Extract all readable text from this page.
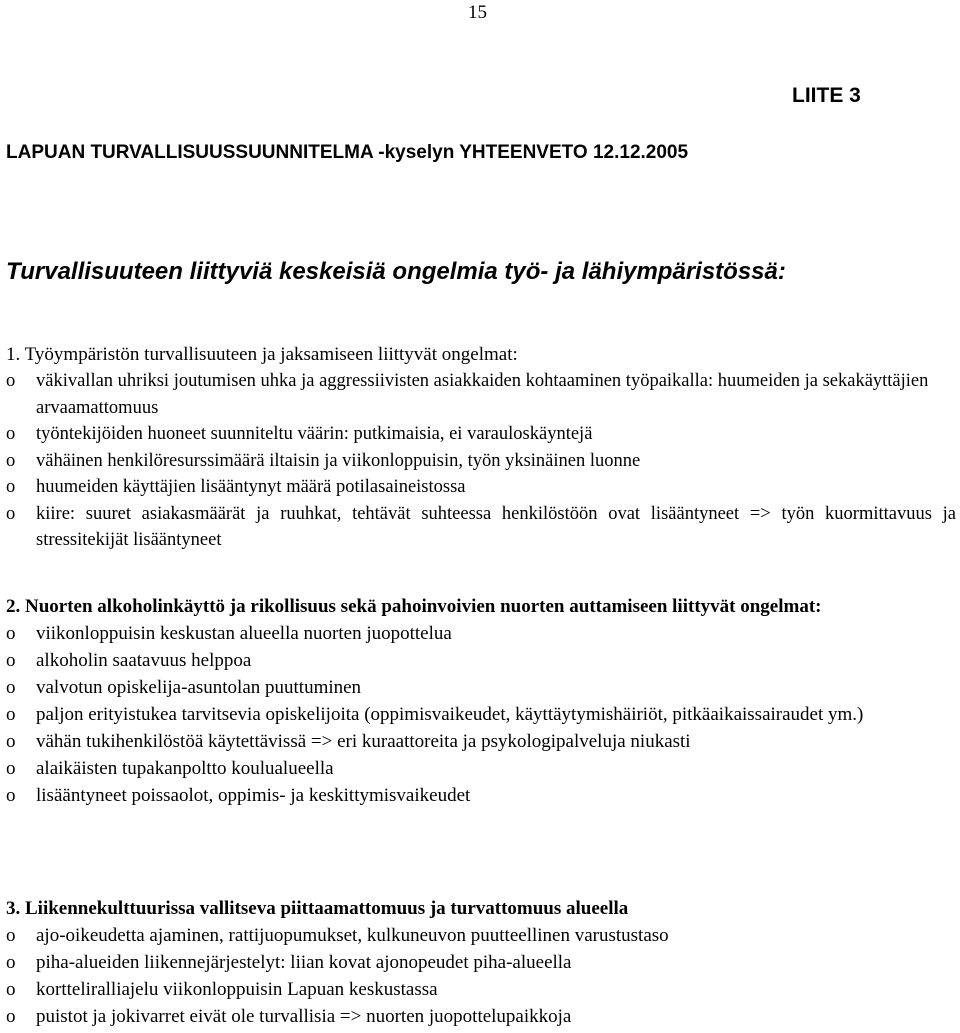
15
LIITE 3
LAPUAN TURVALLISUUSSUUNNITELMA -kyselyn YHTEENVETO 12.12.2005
Turvallisuuteen liittyviä keskeisiä ongelmia työ- ja lähiympäristössä:
1. Työympäristön turvallisuuteen ja jaksamiseen liittyvät ongelmat:
o väkivallan uhriksi joutumisen uhka ja aggressiivisten asiakkaiden kohtaaminen työpaikalla: huumeiden ja sekakäyttäjien arvaamattomuus
o työntekijöiden huoneet suunniteltu väärin: putkimaisia, ei varauloskäyntejä
o vähäinen henkilöresurssimäärä iltaisin ja viikonloppuisin, työn yksinäinen luonne
o huumeiden käyttäjien lisääntynyt määrä potilasaineistossa
o kiire: suuret asiakasmäärät ja ruuhkat, tehtävät suhteessa henkilöstöön ovat lisääntyneet => työn kuormittavuus ja stressitekijät lisääntyneet
2. Nuorten alkoholinkäyttö ja rikollisuus sekä pahoinvoivien nuorten auttamiseen liittyvät ongelmat:
o viikonloppuisin keskustan alueella nuorten juopottelua
o alkoholin saatavuus helppoa
o valvotun opiskelija-asuntolan puuttuminen
o paljon erityistukea tarvitsevia opiskelijoita (oppimisvaikeudet, käyttäytymishäiriöt, pitkäaikaissairaudet ym.)
o vähän tukihenkilöstöä käytettävissä => eri kuraattoreita ja psykologipalveluja niukasti
o alaikäisten tupakanpoltto koulualueella
o lisääntyneet poissaolot, oppimis- ja keskittymisvaikeudet
3. Liikennekulttuurissa vallitseva piittaamattomuus ja turvattomuus alueella
o ajo-oikeudetta ajaminen, rattijuopumukset, kulkuneuvon puutteellinen varustustaso
o piha-alueiden liikennejärjestelyt: liian kovat ajonopeudet piha-alueella
o kortteliralliajelu viikonloppuisin Lapuan keskustassa
o puistot ja jokivarret eivät ole turvallisia => nuorten juopottelupaikkoja
